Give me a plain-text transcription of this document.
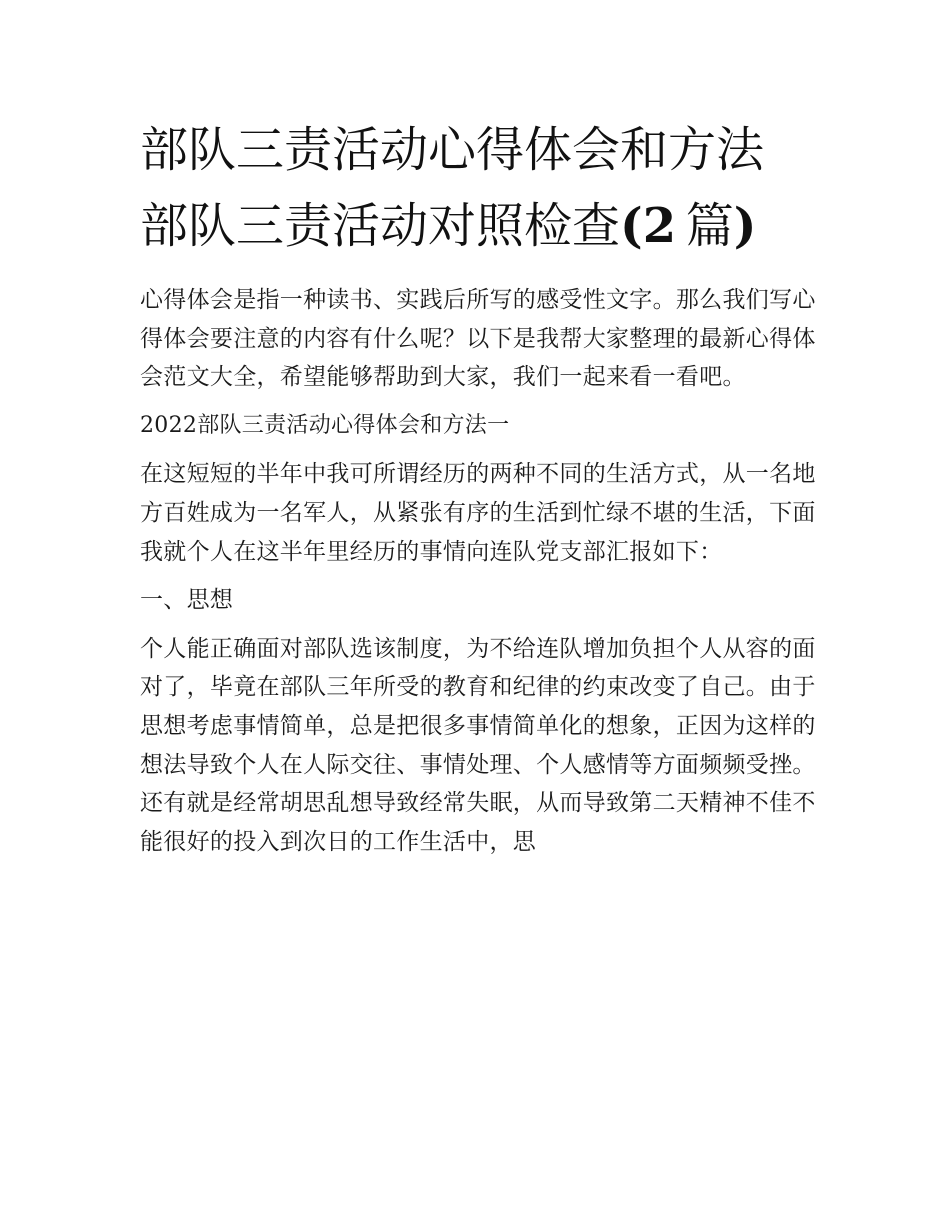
部队三责活动心得体会和方法
部队三责活动对照检查(2  篇)

心得体会是指一种读书、实践后所写的感受性文字。那么我们写心得体会要注意的内容有什么呢？以下是我帮大家整理的最新心得体会范文大全，希望能够帮助到大家，我们一起来看一看吧。

2022部队三责活动心得体会和方法一

在这短短的半年中我可所谓经历的两种不同的生活方式，从一名地方百姓成为一名军人，从紧张有序的生活到忙绿不堪的生活，下面我就个人在这半年里经历的事情向连队党支部汇报如下：

一、思想

个人能正确面对部队选该制度，为不给连队增加负担个人从容的面对了，毕竟在部队三年所受的教育和纪律的约束改变了自己。由于思想考虑事情简单，总是把很多事情简单化的想象，正因为这样的想法导致个人在人际交往、事情处理、个人感情等方面频频受挫。还有就是经常胡思乱想导致经常失眠，从而导致第二天精神不佳不能很好的投入到次日的工作生活中，思
